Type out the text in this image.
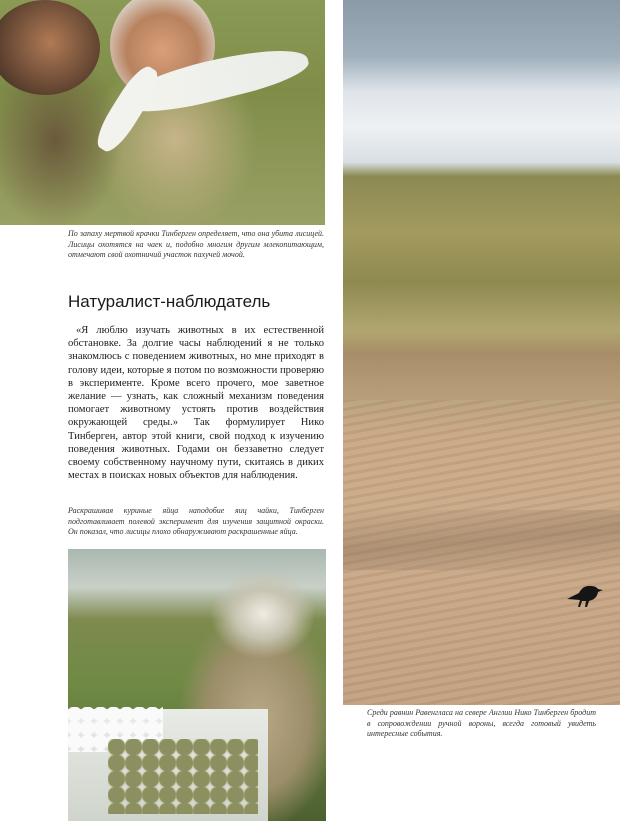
По запаху мертвой крачки Тинберген определяет, что она убита лисицей. Лисицы охотятся на чаек и, подобно многим другим млекопитающим, отмечают свой охотничий участок пахучей мочой.

Натуралист-наблюдатель

«Я люблю изучать животных в их естественной обстановке. За долгие часы наблюдений я не только знакомлюсь с поведением животных, но мне приходят в голову идеи, которые я потом по возможности проверяю в эксперименте. Кроме всего прочего, мое заветное желание — узнать, как сложный механизм поведения помогает животному устоять против воздействия окружающей среды.» Так формулирует Нико Тинберген, автор этой книги, свой подход к изучению поведения животных. Годами он беззаветно следует своему собственному научному пути, скитаясь в диких местах в поисках новых объектов для наблюдения.

Раскрашивая куриные яйца наподобие яиц чайки, Тинберген подготавливает полевой эксперимент для изучения защитной окраски. Он показал, что лисицы плохо обнаруживают раскрашенные яйца.

Среди равнин Равенгласа на севере Англии Нико Тинберген бродит в сопровождении ручной вороны, всегда готовый увидеть интересные события.
